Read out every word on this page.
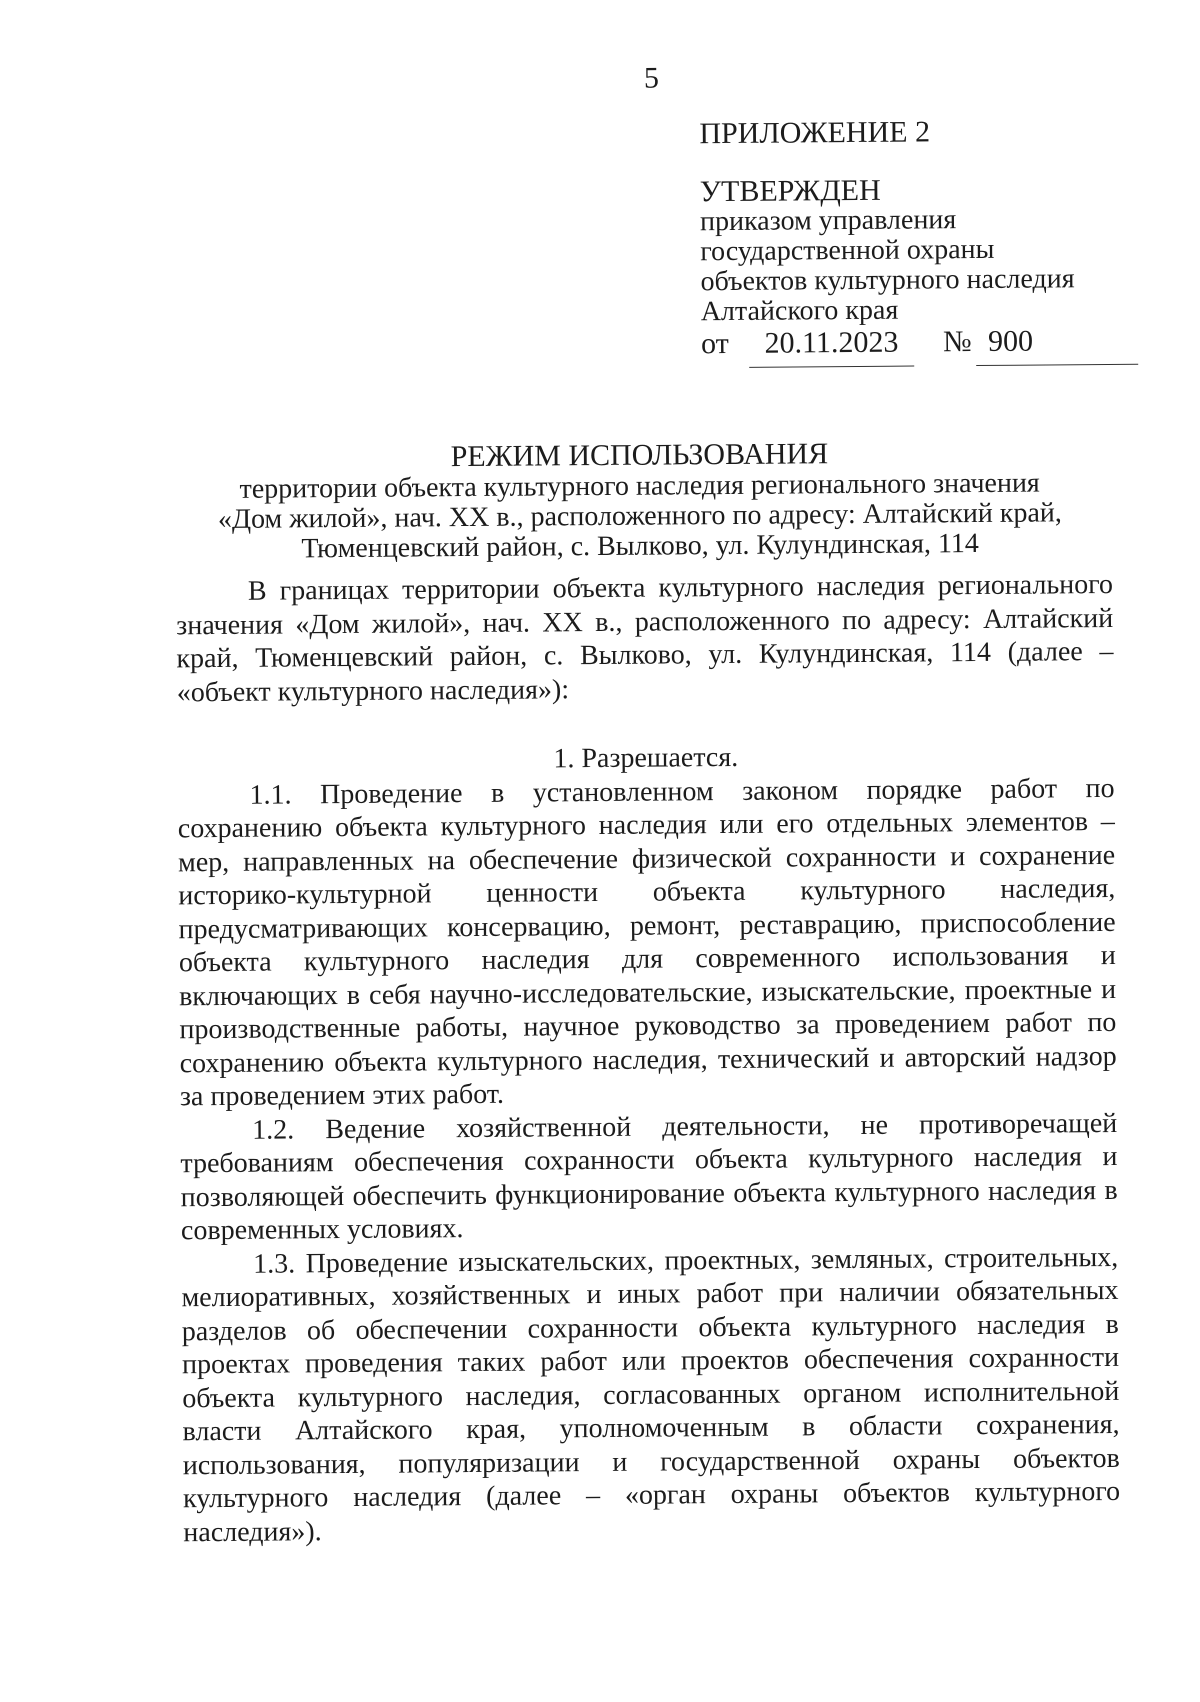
5

ПРИЛОЖЕНИЕ 2

УТВЕРЖДЕН

приказом управления

государственной охраны

объектов культурного наследия

Алтайского края

от	20.11.2023	№ 900

РЕЖИМ ИСПОЛЬЗОВАНИЯ

территории объекта культурного наследия регионального значения

«Дом жилой», нач. XX в., расположенного по адресу: Алтайский край,

Тюменцевский район, с. Вылково, ул. Кулундинская, 114

В границах территории объекта культурного наследия регионального значения «Дом жилой», нач. XX в., расположенного по адресу: Алтайский край, Тюменцевский район, с. Вылково, ул. Кулундинская, 114 (далее – «объект культурного наследия»):

1. Разрешается.

1.1. Проведение в установленном законом порядке работ по сохранению объекта культурного наследия или его отдельных элементов – мер, направленных на обеспечение физической сохранности и сохранение историко-культурной ценности объекта культурного наследия, предусматривающих консервацию, ремонт, реставрацию, приспособление объекта культурного наследия для современного использования и включающих в себя научно-исследовательские, изыскательские, проектные и производственные работы, научное руководство за проведением работ по сохранению объекта культурного наследия, технический и авторский надзор за проведением этих работ.

1.2. Ведение хозяйственной деятельности, не противоречащей требованиям обеспечения сохранности объекта культурного наследия и позволяющей обеспечить функционирование объекта культурного наследия в современных условиях.

1.3. Проведение изыскательских, проектных, земляных, строительных, мелиоративных, хозяйственных и иных работ при наличии обязательных разделов об обеспечении сохранности объекта культурного наследия в проектах проведения таких работ или проектов обеспечения сохранности объекта культурного наследия, согласованных органом исполнительной власти Алтайского края, уполномоченным в области сохранения, использования, популяризации и государственной охраны объектов культурного наследия (далее – «орган охраны объектов культурного наследия»).
